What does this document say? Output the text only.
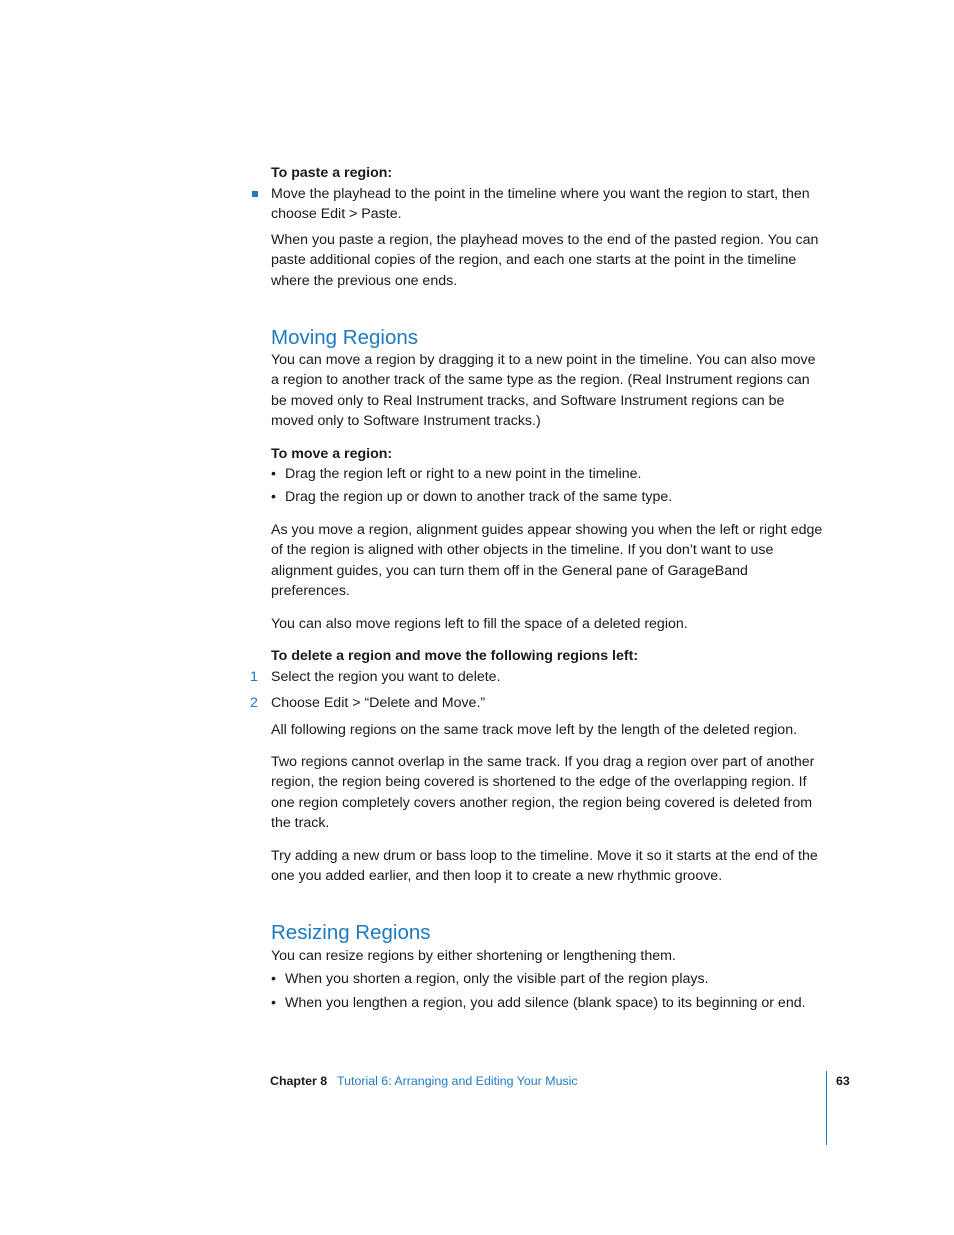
To paste a region:

Move the playhead to the point in the timeline where you want the region to start, then choose Edit > Paste.

When you paste a region, the playhead moves to the end of the pasted region. You can paste additional copies of the region, and each one starts at the point in the timeline where the previous one ends.

Moving Regions

You can move a region by dragging it to a new point in the timeline. You can also move a region to another track of the same type as the region. (Real Instrument regions can be moved only to Real Instrument tracks, and Software Instrument regions can be moved only to Software Instrument tracks.)

To move a region:

• Drag the region left or right to a new point in the timeline.
• Drag the region up or down to another track of the same type.

As you move a region, alignment guides appear showing you when the left or right edge of the region is aligned with other objects in the timeline. If you don’t want to use alignment guides, you can turn them off in the General pane of GarageBand preferences.

You can also move regions left to fill the space of a deleted region.

To delete a region and move the following regions left:

1 Select the region you want to delete.
2 Choose Edit > “Delete and Move.”

All following regions on the same track move left by the length of the deleted region.

Two regions cannot overlap in the same track. If you drag a region over part of another region, the region being covered is shortened to the edge of the overlapping region. If one region completely covers another region, the region being covered is deleted from the track.

Try adding a new drum or bass loop to the timeline. Move it so it starts at the end of the one you added earlier, and then loop it to create a new rhythmic groove.

Resizing Regions

You can resize regions by either shortening or lengthening them.

• When you shorten a region, only the visible part of the region plays.
• When you lengthen a region, you add silence (blank space) to its beginning or end.
Chapter 8 Tutorial 6: Arranging and Editing Your Music	63
